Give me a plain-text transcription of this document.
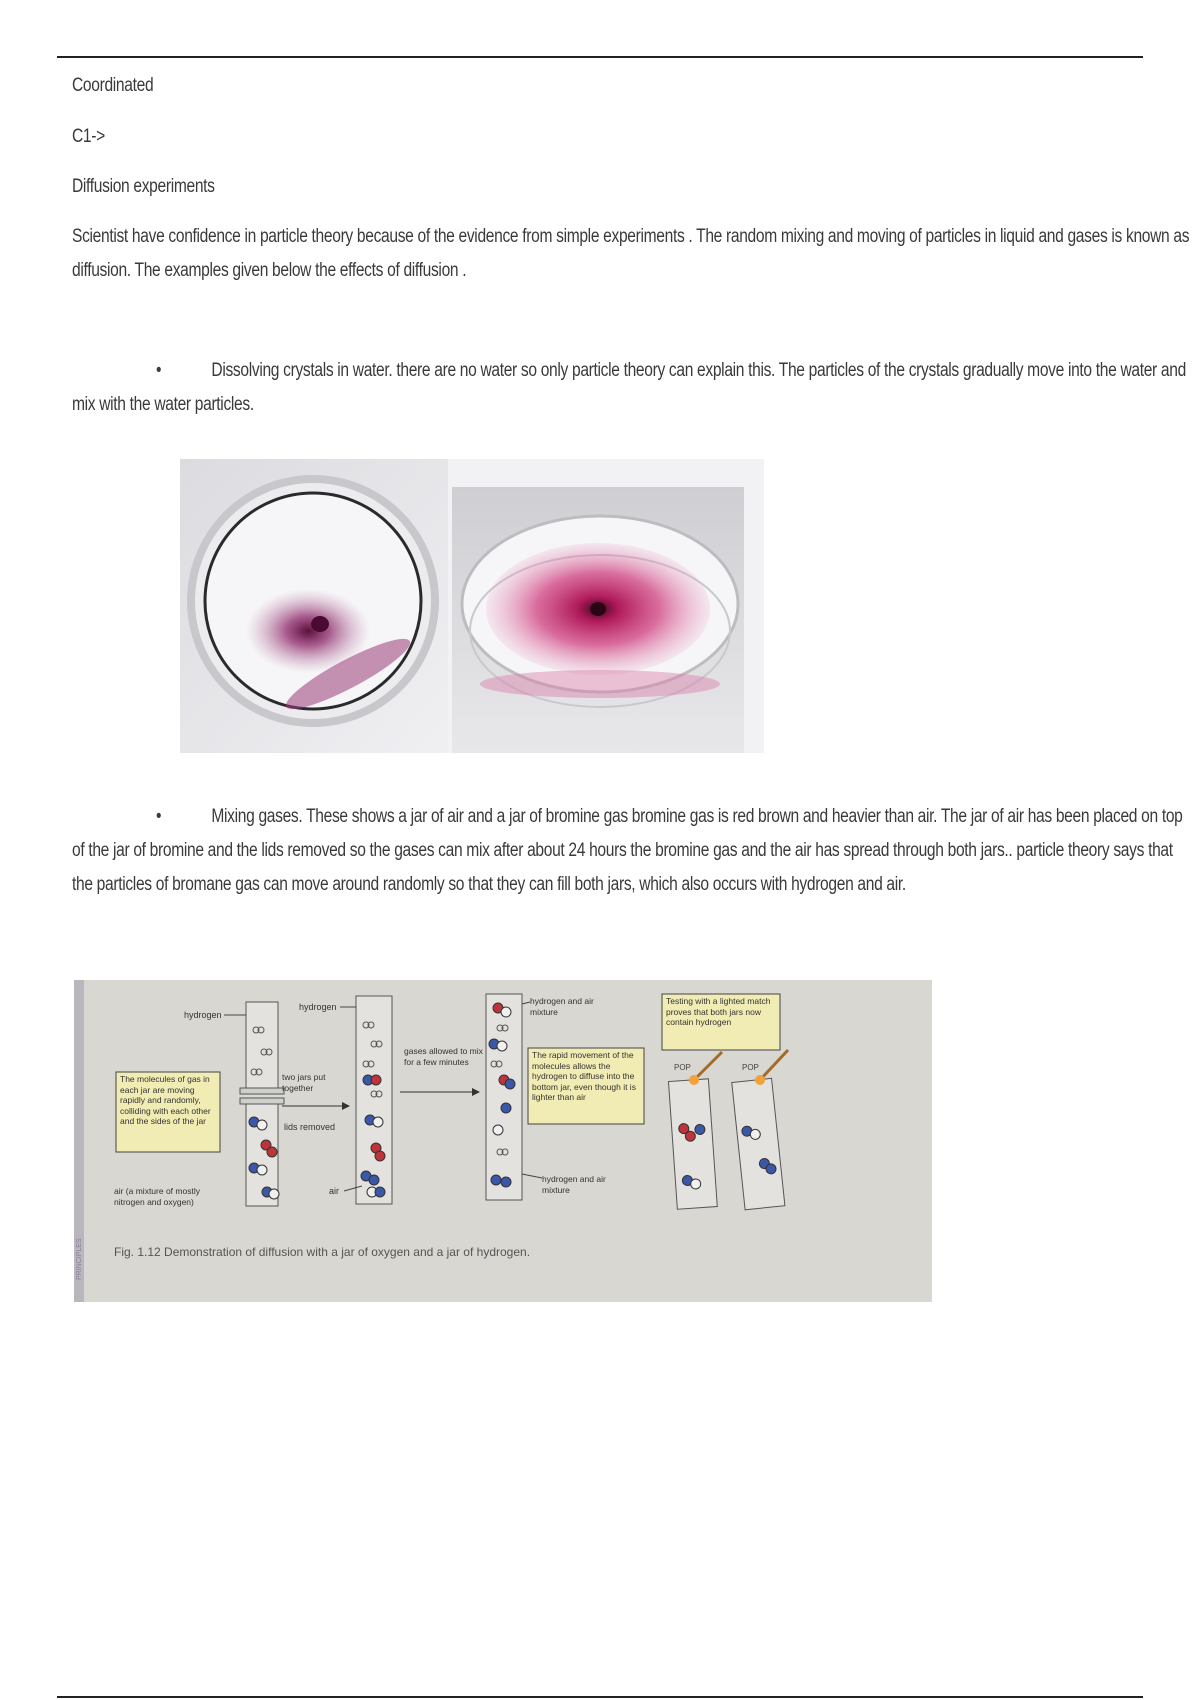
Coordinated
C1->
Diffusion experiments
Scientist have confidence in particle theory because of the evidence from simple experiments . The random mixing and moving of particles in liquid and gases is known as diffusion. The examples given below the effects of diffusion .
•	Dissolving crystals in water. there are no water so only particle theory can explain this. The particles of the crystals gradually move into the water and mix with the water particles.
•	Mixing gases. These shows a jar of air and a jar of bromine gas bromine gas is red brown and heavier than air. The jar of air has been placed on top of the jar of bromine and the lids removed so the gases can mix after about 24 hours the bromine gas and the air has spread through both jars.. particle theory says that the particles of bromane gas can move around randomly so that they can fill both jars, which also occurs with hydrogen and air.
PRINCIPLES
hydrogen
The molecules of gas in each jar are moving rapidly and randomly, colliding with each other and the sides of the jar
air (a mixture of mostly nitrogen and oxygen)
two jars put together
lids removed
hydrogen
air
gases allowed to mix for a few minutes
hydrogen and air mixture
The rapid movement of the molecules allows the hydrogen to diffuse into the bottom jar, even though it is lighter than air
hydrogen and air mixture
Testing with a lighted match proves that both jars now contain hydrogen
POP	POP
Fig. 1.12 Demonstration of diffusion with a jar of oxygen and a jar of hydrogen.
